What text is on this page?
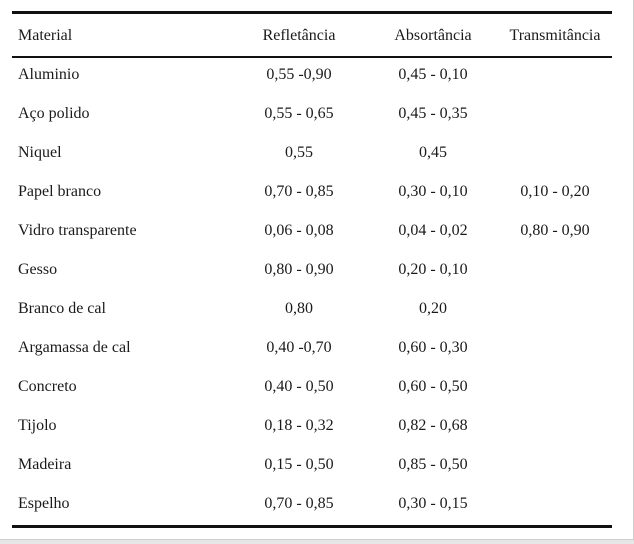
Material	Refletância	Absortância	Transmitância
Aluminio	0,55 -0,90	0,45 - 0,10
Aço polido	0,55 - 0,65	0,45 - 0,35
Niquel	0,55	0,45
Papel branco	0,70 - 0,85	0,30 - 0,10	0,10 - 0,20
Vidro transparente	0,06 - 0,08	0,04 - 0,02	0,80 - 0,90
Gesso	0,80 - 0,90	0,20 - 0,10
Branco de cal	0,80	0,20
Argamassa de cal	0,40 -0,70	0,60 - 0,30
Concreto	0,40 - 0,50	0,60 - 0,50
Tijolo	0,18 - 0,32	0,82 - 0,68
Madeira	0,15 - 0,50	0,85 - 0,50
Espelho	0,70 - 0,85	0,30 - 0,15
